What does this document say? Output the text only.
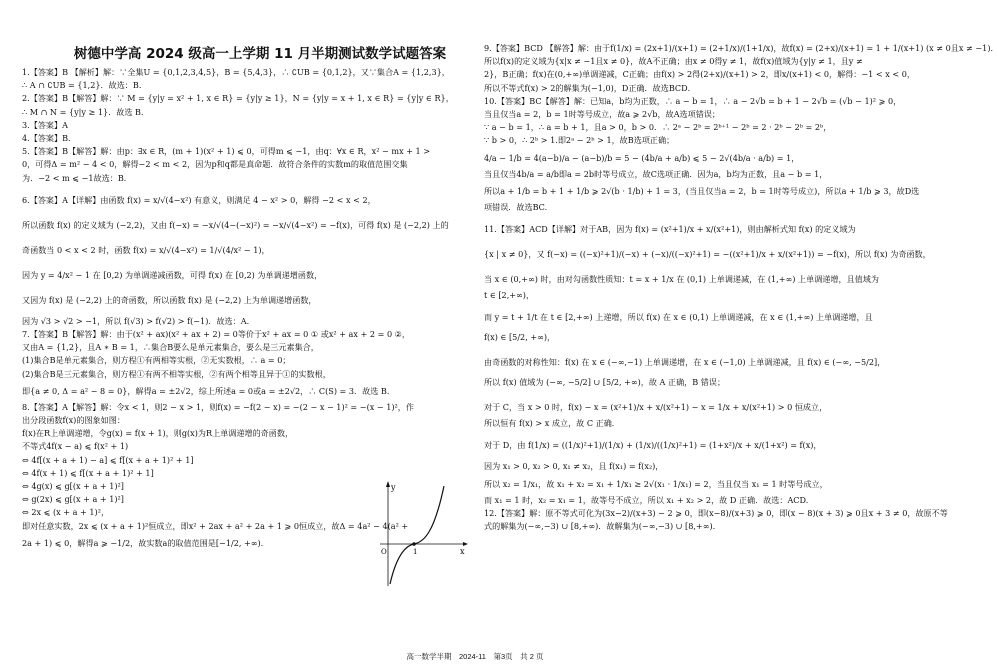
树德中学高 2024 级高一上学期 11 月半期测试数学试题答案

1.【答案】B 【解析】解：∵全集U = {0,1,2,3,4,5}，B = {5,4,3}，∴ ∁UB = {0,1,2}，又∵集合A = {1,2,3}，

∴ A ∩ ∁UB = {1,2}．故选：B．

2.【答案】B【解答】解：∵ M = {y|y = x² + 1, x ∈ R} = {y|y ≥ 1}，N = {y|y = x + 1, x ∈ R} = {y|y ∈ R}，

∴ M ∩ N = {y|y ≥ 1}．故选 B．

3.【答案】A

4.【答案】B.

5.【答案】B【解答】解：由p：∃x ∈ R，(m + 1)(x² + 1) ⩽ 0，可得m ⩽ −1，由q：∀x ∈ R，x² − mx + 1 >

0，可得Δ = m² − 4 < 0，解得−2 < m < 2，因为p和q都是真命题．故符合条件的实数m的取值范围交集

为．−2 < m ⩽ −1故选：B．

6.【答案】A【详解】由函数 f(x) = x/√(4−x²) 有意义，则满足 4 − x² > 0，解得 −2 < x < 2，

所以函数 f(x) 的定义域为 (−2,2)，又由 f(−x) = −x/√(4−(−x)²) = −x/√(4−x²) = −f(x)，可得 f(x) 是 (−2,2) 上的

奇函数当 0 < x < 2 时，函数 f(x) = x/√(4−x²) = 1/√(4/x² − 1)，

因为 y = 4/x² − 1 在 [0,2) 为单调递减函数，可得 f(x) 在 [0,2) 为单调递增函数，

又因为 f(x) 是 (−2,2) 上的奇函数，所以函数 f(x) 是 (−2,2) 上为单调递增函数，

因为 √3 > √2 > −1，所以 f(√3) > f(√2) > f(−1)．故选：A.

7.【答案】B【解答】解：由于(x² + ax)(x² + ax + 2) = 0等价于x² + ax = 0 ① 或x² + ax + 2 = 0 ②，

又由A = {1,2}，且A ∗ B = 1，∴集合B要么是单元素集合，要么是三元素集合，

(1)集合B是单元素集合，则方程①有两相等实根，②无实数根，∴ a = 0；

(2)集合B是三元素集合，则方程①有两不相等实根，②有两个相等且异于①的实数根，

即{a ≠ 0, Δ = a² − 8 = 0}，解得a = ±2√2，综上所述a = 0或a = ±2√2，∴ C(S) = 3．故选 B．

8.【答案】A【解答】解：令x < 1，则2 − x > 1，则f(x) = −f(2 − x) = −(2 − x − 1)² = −(x − 1)²，作

出分段函数f(x)的图象如图：

f(x)在R上单调递增，令g(x) = f(x + 1)，则g(x)为R上单调递增的奇函数，

不等式4f(x − a) ⩽ f(x² + 1)

⇔ 4f[(x + a + 1) − a] ⩽ f[(x + a + 1)² + 1]

⇔ 4f(x + 1) ⩽ f[(x + a + 1)² + 1]

⇔ 4g(x) ⩽ g[(x + a + 1)²]

⇔ g(2x) ⩽ g[(x + a + 1)²]

⇔ 2x ⩽ (x + a + 1)²，

即对任意实数，2x ⩽ (x + a + 1)²恒成立，即x² + 2ax + a² + 2a + 1 ⩾ 0恒成立，故Δ = 4a² − 4(a² +

2a + 1) ⩽ 0，解得a ⩾ −1/2，故实数a的取值范围是[−1/2, +∞).

y
x
O	1

9.【答案】BCD 【解答】解：由于f(1/x) = (2x+1)/(x+1) = (2+1/x)/(1+1/x)，故f(x) = (2+x)/(x+1) = 1 + 1/(x+1) (x ≠ 0且x ≠ −1)．

所以f(x)的定义域为{x|x ≠ −1且x ≠ 0}，故A不正确；由x ≠ 0得y ≠ 1，故f(x)值域为{y|y ≠ 1，且y ≠

2}，B正确；f(x)在(0,+∞)单调递减，C正确；由f(x) > 2得(2+x)/(x+1) > 2，即x/(x+1) < 0，解得：−1 < x < 0，

所以不等式f(x) > 2的解集为(−1,0)，D正确．故选BCD．

10.【答案】BC【解答】解：已知a，b均为正数，∴ a − b = 1，∴ a − 2√b = b + 1 − 2√b = (√b − 1)² ⩾ 0，

当且仅当a = 2，b = 1时等号成立，故a ⩾ 2√b，故A选项错误；

∵ a − b = 1，∴ a = b + 1，且a > 0，b > 0．∴ 2ᵃ − 2ᵇ = 2ᵇ⁺¹ − 2ᵇ = 2 · 2ᵇ − 2ᵇ = 2ᵇ，

∵ b > 0，∴ 2ᵇ > 1.即2ᵃ − 2ᵇ > 1，故B选项正确；

4/a − 1/b = 4(a−b)/a − (a−b)/b = 5 − (4b/a + a/b) ⩽ 5 − 2√(4b/a · a/b) = 1，

当且仅当4b/a = a/b即a = 2b时等号成立，故C选项正确．因为a，b均为正数，且a − b = 1，

所以a + 1/b = b + 1 + 1/b ⩾ 2√(b · 1/b) + 1 = 3，(当且仅当a = 2，b = 1时等号成立)，所以a + 1/b ⩾ 3，故D选

项错误．故选BC.

11.【答案】ACD【详解】对于AB，因为 f(x) = (x²+1)/x + x/(x²+1)，则由解析式知 f(x) 的定义域为

{x | x ≠ 0}，又 f(−x) = ((−x)²+1)/(−x) + (−x)/((−x)²+1) = −((x²+1)/x + x/(x²+1)) = −f(x)，所以 f(x) 为奇函数，

当 x ∈ (0,+∞) 时，由对勾函数性质知：t = x + 1/x 在 (0,1) 上单调递减，在 (1,+∞) 上单调递增，且值域为

t ∈ [2,+∞)，

而 y = t + 1/t 在 t ∈ [2,+∞) 上递增，所以 f(x) 在 x ∈ (0,1) 上单调递减，在 x ∈ (1,+∞) 上单调递增，且

f(x) ∈ [5/2, +∞)，

由奇函数的对称性知：f(x) 在 x ∈ (−∞,−1) 上单调递增，在 x ∈ (−1,0) 上单调递减，且 f(x) ∈ (−∞, −5/2]，

所以 f(x) 值域为 (−∞, −5/2] ∪ [5/2, +∞)，故 A 正确，B 错误；

对于 C，当 x > 0 时，f(x) − x = (x²+1)/x + x/(x²+1) − x = 1/x + x/(x²+1) > 0 恒成立，

所以恒有 f(x) > x 成立，故 C 正确．

对于 D，由 f(1/x) = ((1/x)²+1)/(1/x) + (1/x)/((1/x)²+1) = (1+x²)/x + x/(1+x²) = f(x)，

因为 x₁ > 0, x₂ > 0, x₁ ≠ x₂，且 f(x₁) = f(x₂)，

所以 x₂ = 1/x₁，故 x₁ + x₂ = x₁ + 1/x₁ ≥ 2√(x₁ · 1/x₁) = 2，当且仅当 x₁ = 1 时等号成立，

而 x₁ = 1 时，x₂ = x₁ = 1，故等号不成立，所以 x₁ + x₂ > 2，故 D 正确．故选：ACD.

12.【答案】解：原不等式可化为(3x−2)/(x+3) − 2 ⩾ 0，即(x−8)/(x+3) ⩾ 0，即(x − 8)(x + 3) ⩾ 0且x + 3 ≠ 0，故原不等

式的解集为(−∞,−3) ∪ [8,+∞)．故解集为(−∞,−3) ∪ [8,+∞).

高一数学半期　2024-11　第3页　共 2 页
